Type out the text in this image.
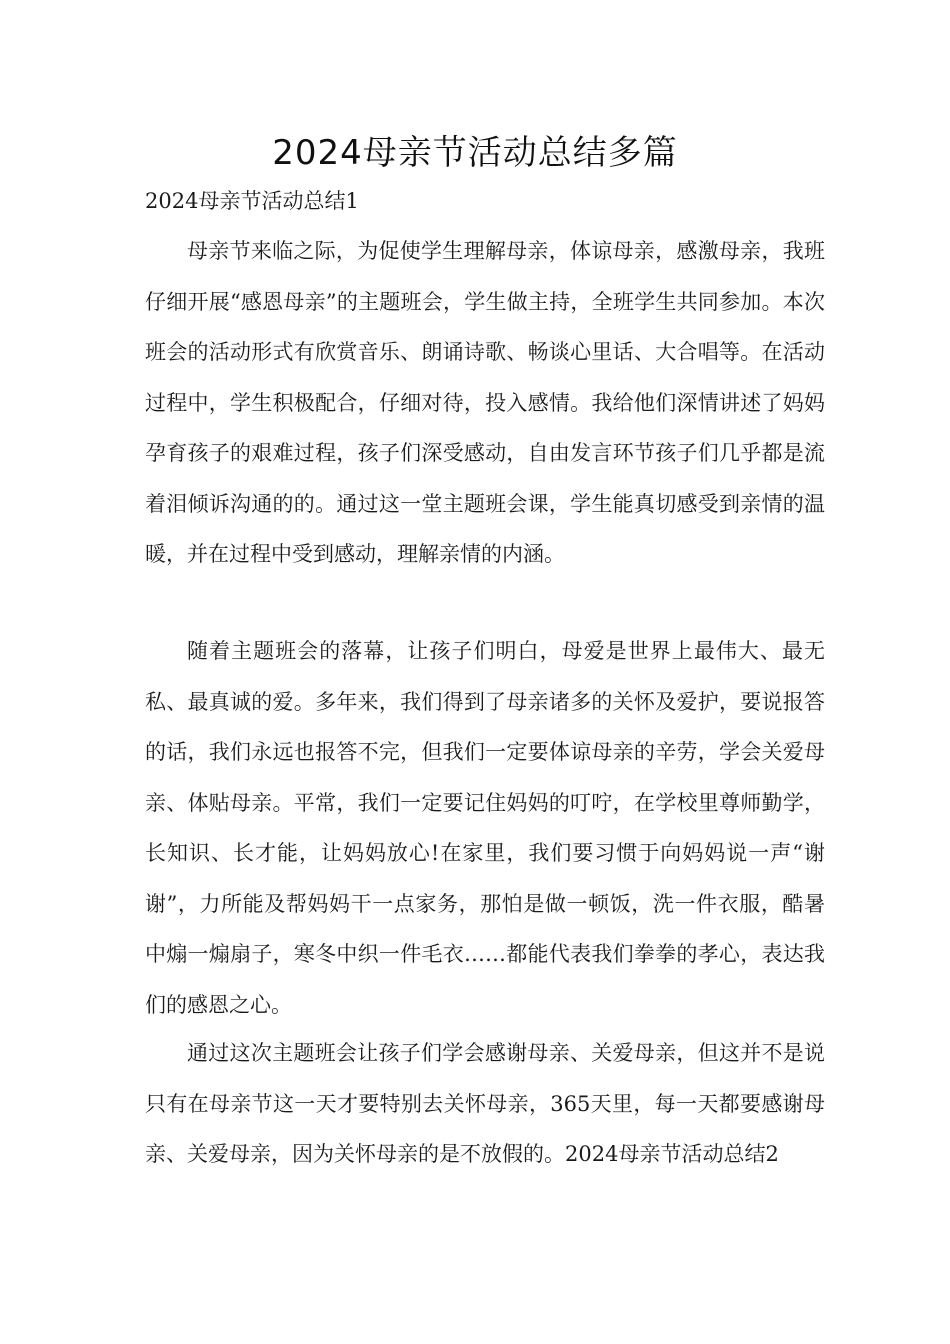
2024母亲节活动总结多篇

2024母亲节活动总结1

母亲节来临之际，为促使学生理解母亲，体谅母亲，感激母亲，我班仔细开展“感恩母亲”的主题班会，学生做主持，全班学生共同参加。本次班会的活动形式有欣赏音乐、朗诵诗歌、畅谈心里话、大合唱等。在活动过程中，学生积极配合，仔细对待，投入感情。我给他们深情讲述了妈妈孕育孩子的艰难过程，孩子们深受感动，自由发言环节孩子们几乎都是流着泪倾诉沟通的的。通过这一堂主题班会课，学生能真切感受到亲情的温暖，并在过程中受到感动，理解亲情的内涵。

随着主题班会的落幕，让孩子们明白，母爱是世界上最伟大、最无私、最真诚的爱。多年来，我们得到了母亲诸多的关怀及爱护，要说报答的话，我们永远也报答不完，但我们一定要体谅母亲的辛劳，学会关爱母亲、体贴母亲。平常，我们一定要记住妈妈的叮咛，在学校里尊师勤学，长知识、长才能，让妈妈放心!在家里，我们要习惯于向妈妈说一声“谢谢”，力所能及帮妈妈干一点家务，那怕是做一顿饭，洗一件衣服，酷暑中煽一煽扇子，寒冬中织一件毛衣……都能代表我们拳拳的孝心，表达我们的感恩之心。

通过这次主题班会让孩子们学会感谢母亲、关爱母亲，但这并不是说只有在母亲节这一天才要特别去关怀母亲，365天里，每一天都要感谢母亲、关爱母亲，因为关怀母亲的是不放假的。2024母亲节活动总结2
